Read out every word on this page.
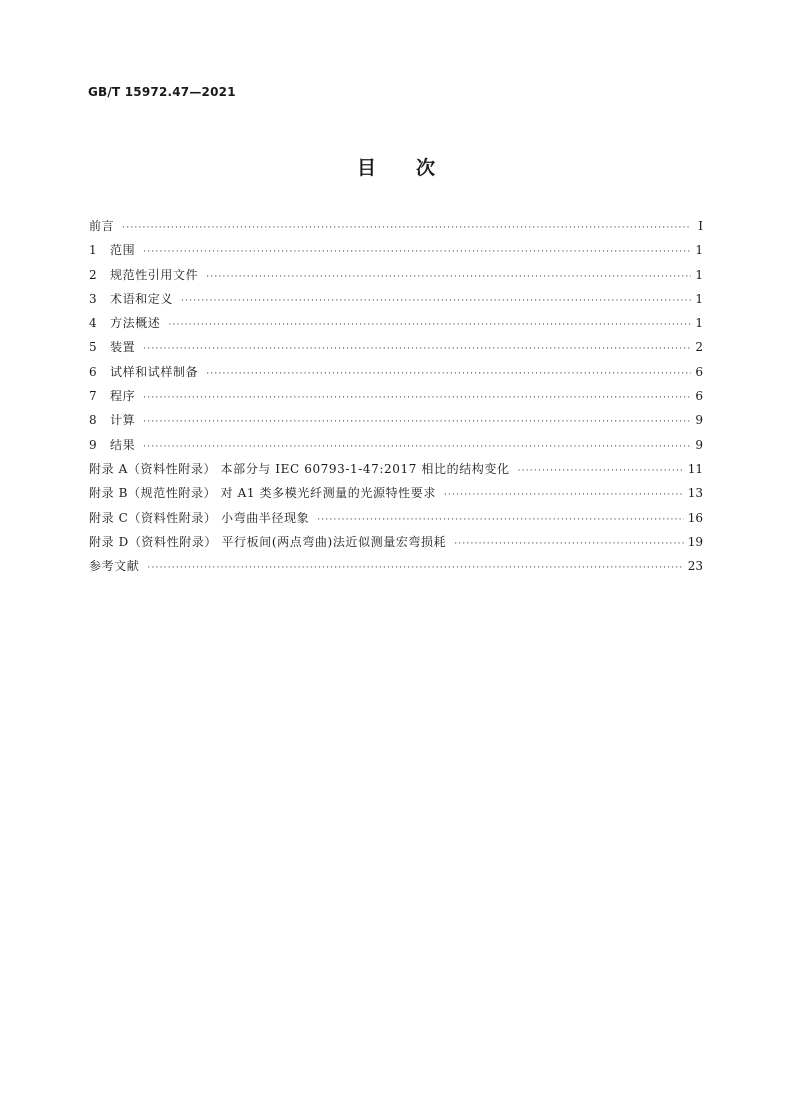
GB/T 15972.47—2021
目次
前言 ·····	Ⅰ
1	范围 ·····	1
2	规范性引用文件 ·····	1
3	术语和定义 ·····	1
4	方法概述 ·····	1
5	装置 ·····	2
6	试样和试样制备 ·····	6
7	程序 ·····	6
8	计算 ·····	9
9	结果 ·····	9
附录 A（资料性附录） 本部分与 IEC 60793-1-47:2017 相比的结构变化 ·····	11
附录 B（规范性附录） 对 A1 类多模光纤测量的光源特性要求 ·····	13
附录 C（资料性附录） 小弯曲半径现象 ·····	16
附录 D（资料性附录） 平行板间(两点弯曲)法近似测量宏弯损耗 ·····	19
参考文献 ·····	23
